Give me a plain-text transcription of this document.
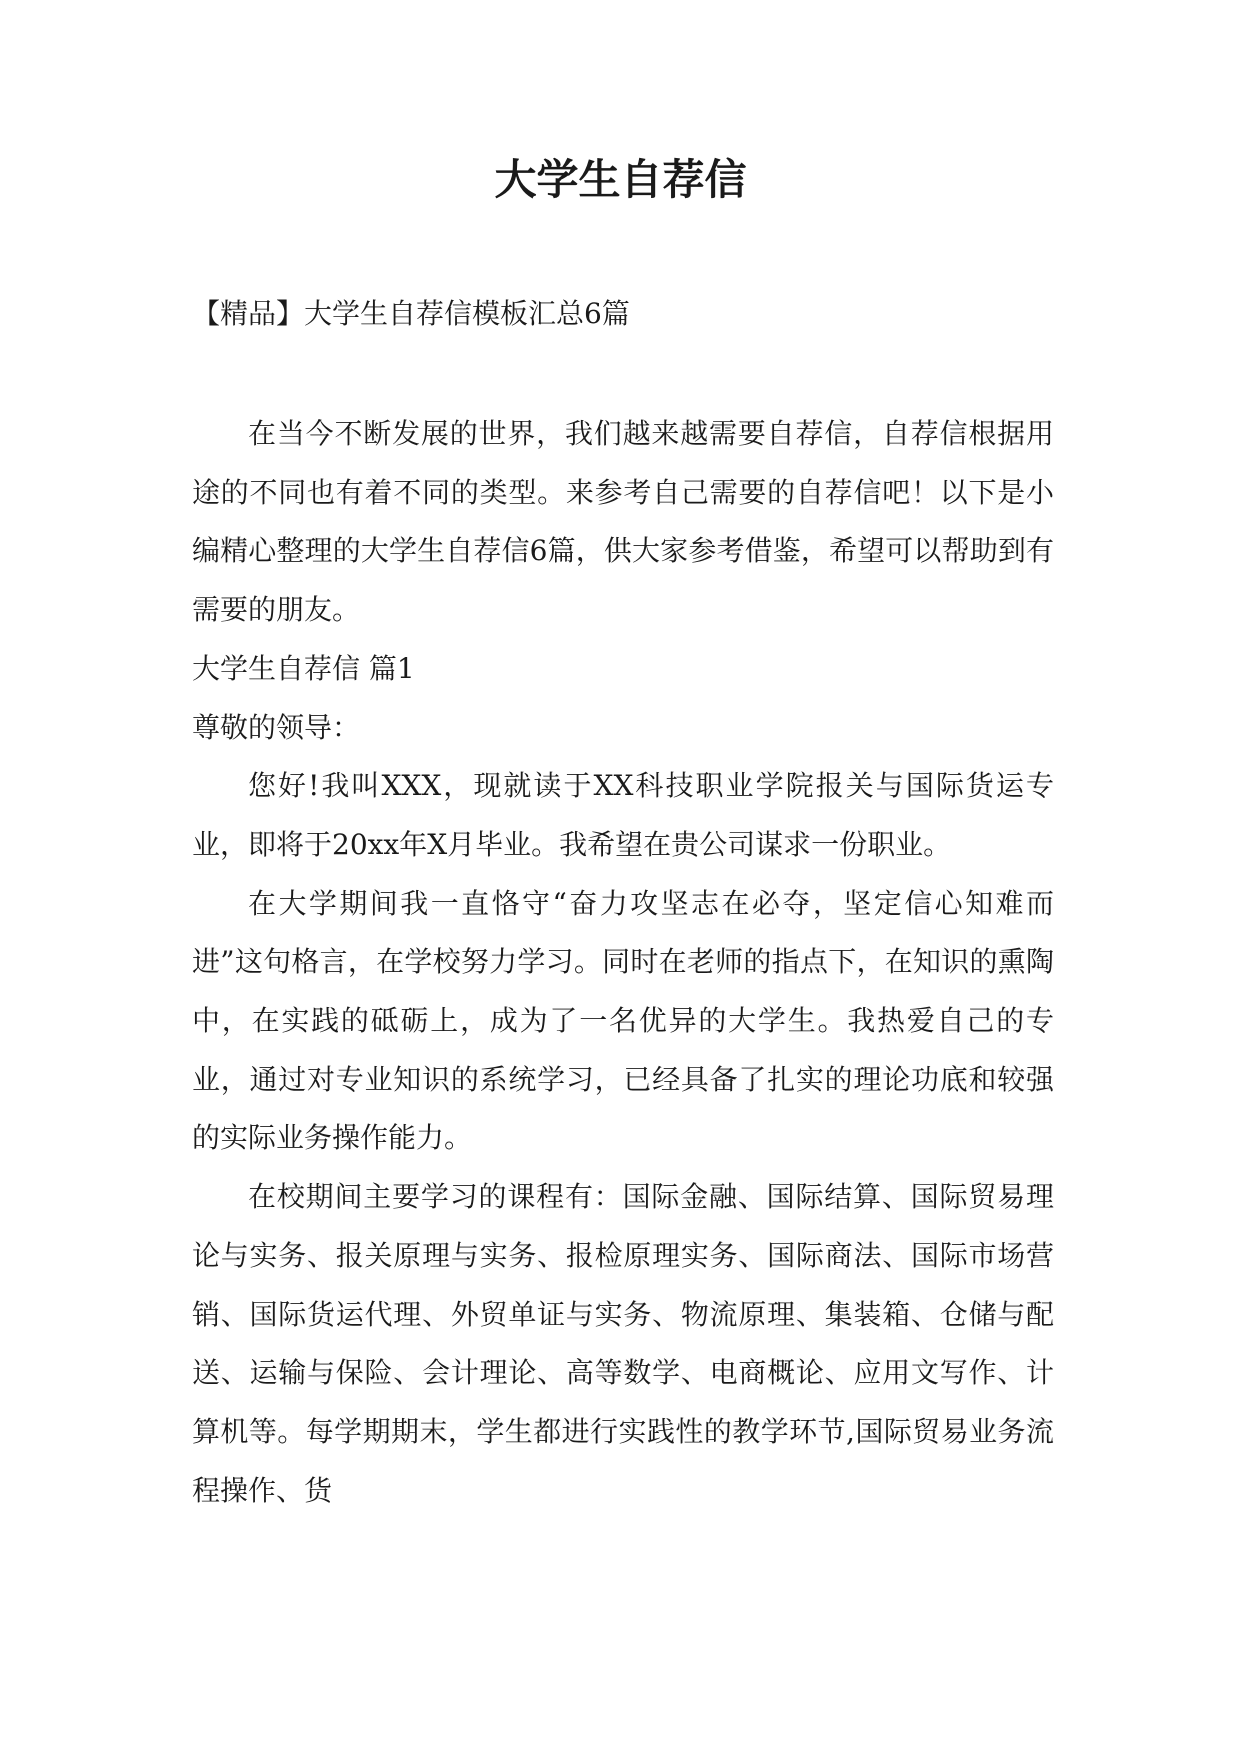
大学生自荐信

【精品】大学生自荐信模板汇总6篇

在当今不断发展的世界，我们越来越需要自荐信，自荐信根据用途的不同也有着不同的类型。来参考自己需要的自荐信吧！以下是小编精心整理的大学生自荐信6篇，供大家参考借鉴，希望可以帮助到有需要的朋友。

大学生自荐信 篇1

尊敬的领导：

您好!我叫XXX，现就读于XX科技职业学院报关与国际货运专业，即将于20xx年X月毕业。我希望在贵公司谋求一份职业。

在大学期间我一直恪守“奋力攻坚志在必夺，坚定信心知难而进”这句格言，在学校努力学习。同时在老师的指点下，在知识的熏陶中，在实践的砥砺上，成为了一名优异的大学生。我热爱自己的专业，通过对专业知识的系统学习，已经具备了扎实的理论功底和较强的实际业务操作能力。

在校期间主要学习的课程有：国际金融、国际结算、国际贸易理论与实务、报关原理与实务、报检原理实务、国际商法、国际市场营销、国际货运代理、外贸单证与实务、物流原理、集装箱、仓储与配送、运输与保险、会计理论、高等数学、电商概论、应用文写作、计算机等。每学期期末，学生都进行实践性的教学环节,国际贸易业务流程操作、货
